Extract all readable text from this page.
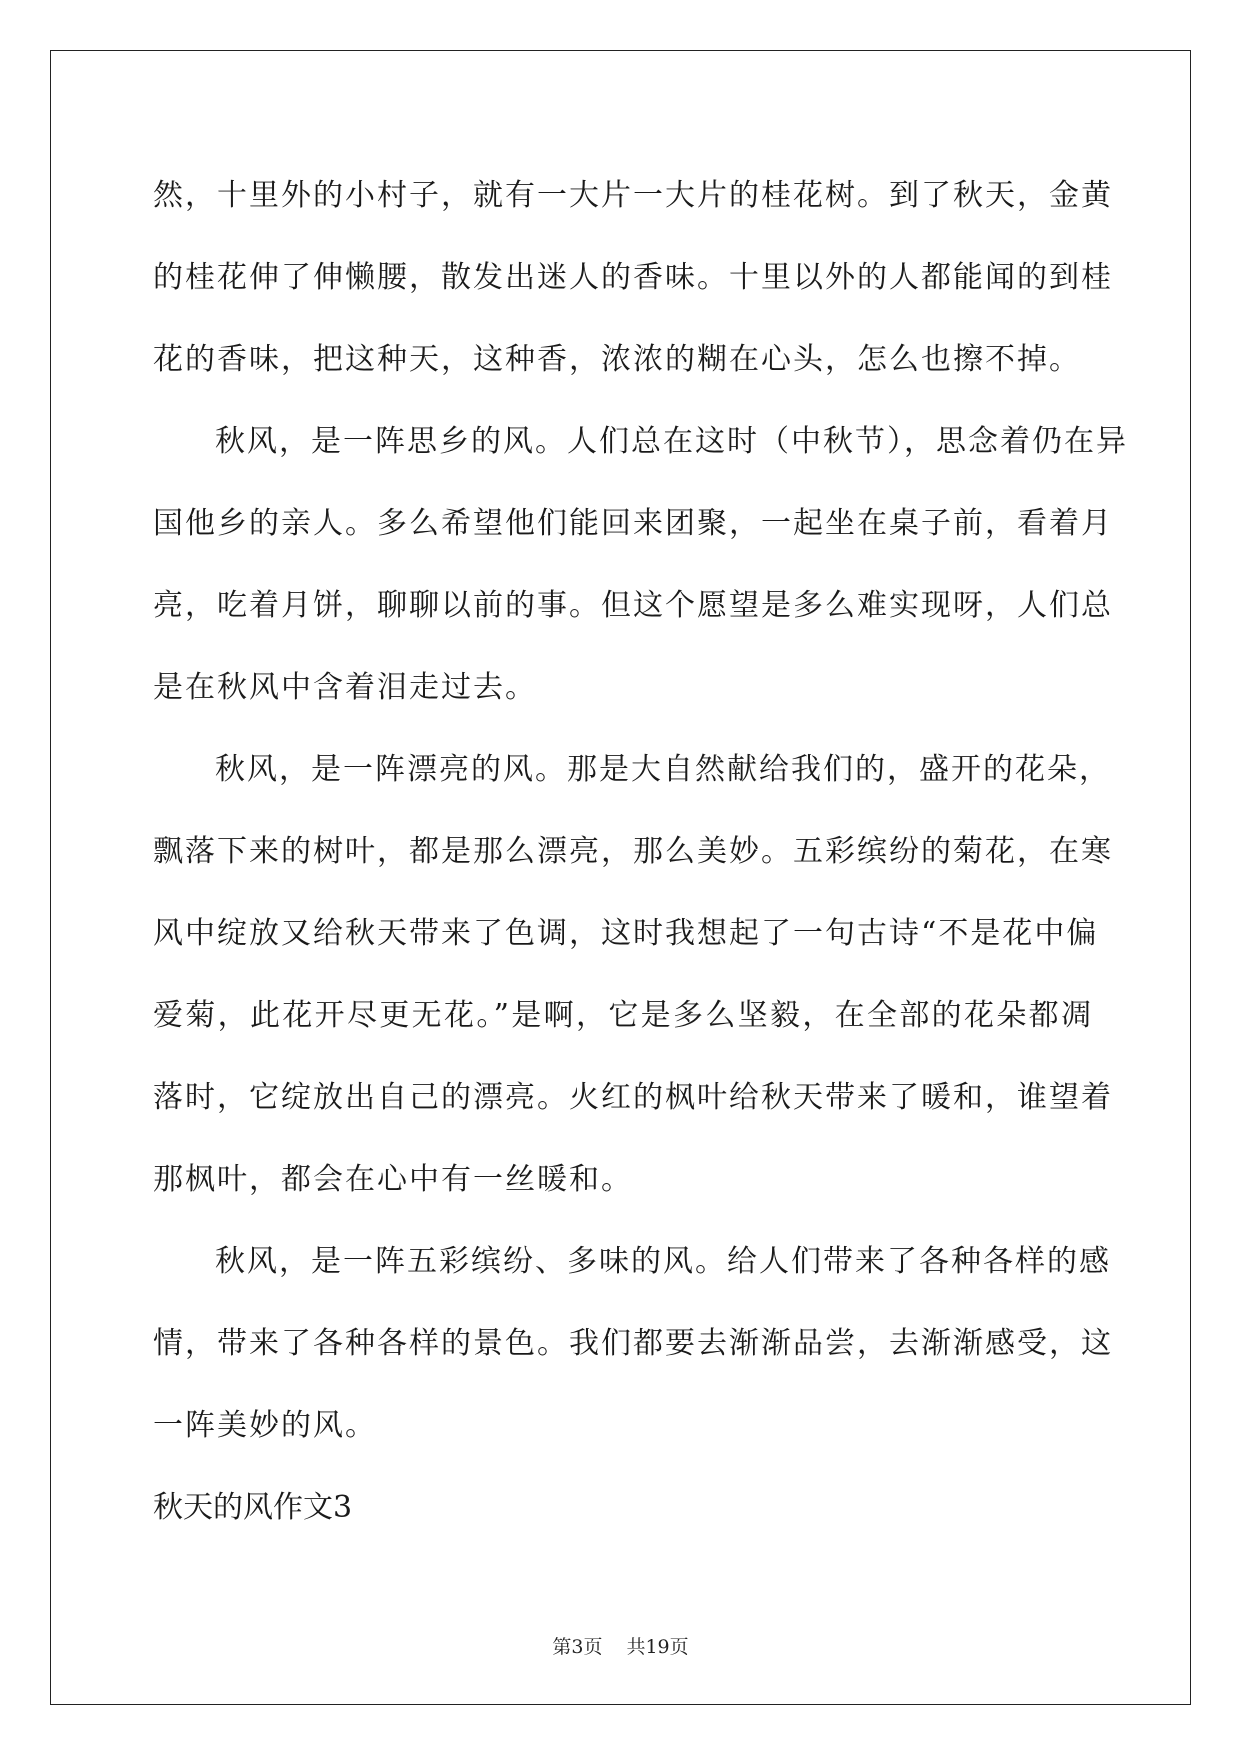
然，十里外的小村子，就有一大片一大片的桂花树。到了秋天，金黄
的桂花伸了伸懒腰，散发出迷人的香味。十里以外的人都能闻的到桂
花的香味，把这种天，这种香，浓浓的糊在心头，怎么也擦不掉。
秋风，是一阵思乡的风。人们总在这时（中秋节），思念着仍在异
国他乡的亲人。多么希望他们能回来团聚，一起坐在桌子前，看着月
亮，吃着月饼，聊聊以前的事。但这个愿望是多么难实现呀，人们总
是在秋风中含着泪走过去。
秋风，是一阵漂亮的风。那是大自然献给我们的，盛开的花朵，
飘落下来的树叶，都是那么漂亮，那么美妙。五彩缤纷的菊花，在寒
风中绽放又给秋天带来了色调，这时我想起了一句古诗“不是花中偏
爱菊，此花开尽更无花。”是啊，它是多么坚毅，在全部的花朵都凋
落时，它绽放出自己的漂亮。火红的枫叶给秋天带来了暖和，谁望着
那枫叶，都会在心中有一丝暖和。
秋风，是一阵五彩缤纷、多味的风。给人们带来了各种各样的感
情，带来了各种各样的景色。我们都要去渐渐品尝，去渐渐感受，这
一阵美妙的风。
秋天的风作文3
第3页 共19页
